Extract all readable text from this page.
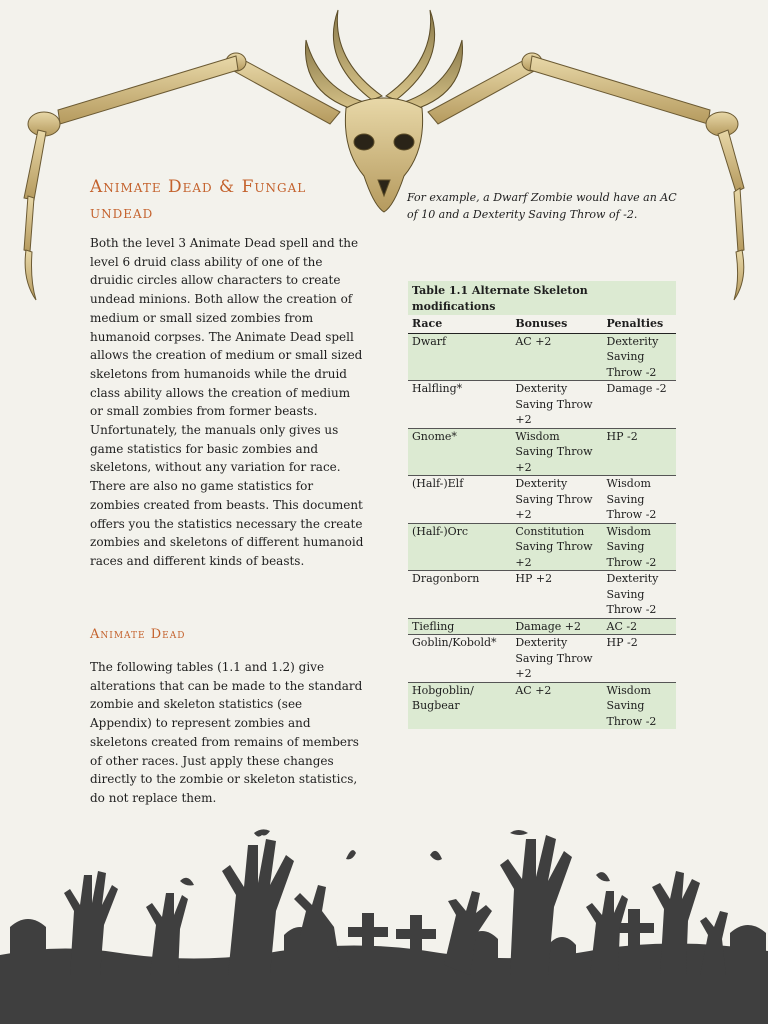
Animate Dead & Fungal
undead

Both the level 3 Animate Dead spell and the level 6 druid class ability of one of the druidic circles allow characters to create undead minions. Both allow the creation of medium or small sized zombies from humanoid corpses. The Animate Dead spell allows the creation of medium or small sized skeletons from humanoids while the druid class ability allows the creation of medium or small zombies from former beasts. Unfortunately, the manuals only gives us game statistics for basic zombies and skeletons, without any variation for race. There are also no game statistics for zombies created from beasts. This document offers you the statistics necessary the create zombies and skeletons of different humanoid races and different kinds of beasts.

Animate Dead

The following tables (1.1 and 1.2) give alterations that can be made to the standard zombie and skeleton statistics (see Appendix) to represent zombies and skeletons created from remains of members of other races. Just apply these changes directly to the zombie or skeleton statistics, do not replace them.

For example, a Dwarf Zombie would have an AC of 10 and a Dexterity Saving Throw of -2.

Table 1.1 Alternate Skeleton modifications
Race	Bonuses	Penalties
Dwarf	AC +2	Dexterity Saving Throw -2
Halfling*	Dexterity Saving Throw +2	Damage -2
Gnome*	Wisdom Saving Throw +2	HP -2
(Half-)Elf	Dexterity Saving Throw +2	Wisdom Saving Throw -2
(Half-)Orc	Constitution Saving Throw +2	Wisdom Saving Throw -2
Dragonborn	HP +2	Dexterity Saving Throw -2
Tiefling	Damage +2	AC -2
Goblin/Kobold*	Dexterity Saving Throw +2	HP -2
Hobgoblin/ Bugbear	AC +2	Wisdom Saving Throw -2
